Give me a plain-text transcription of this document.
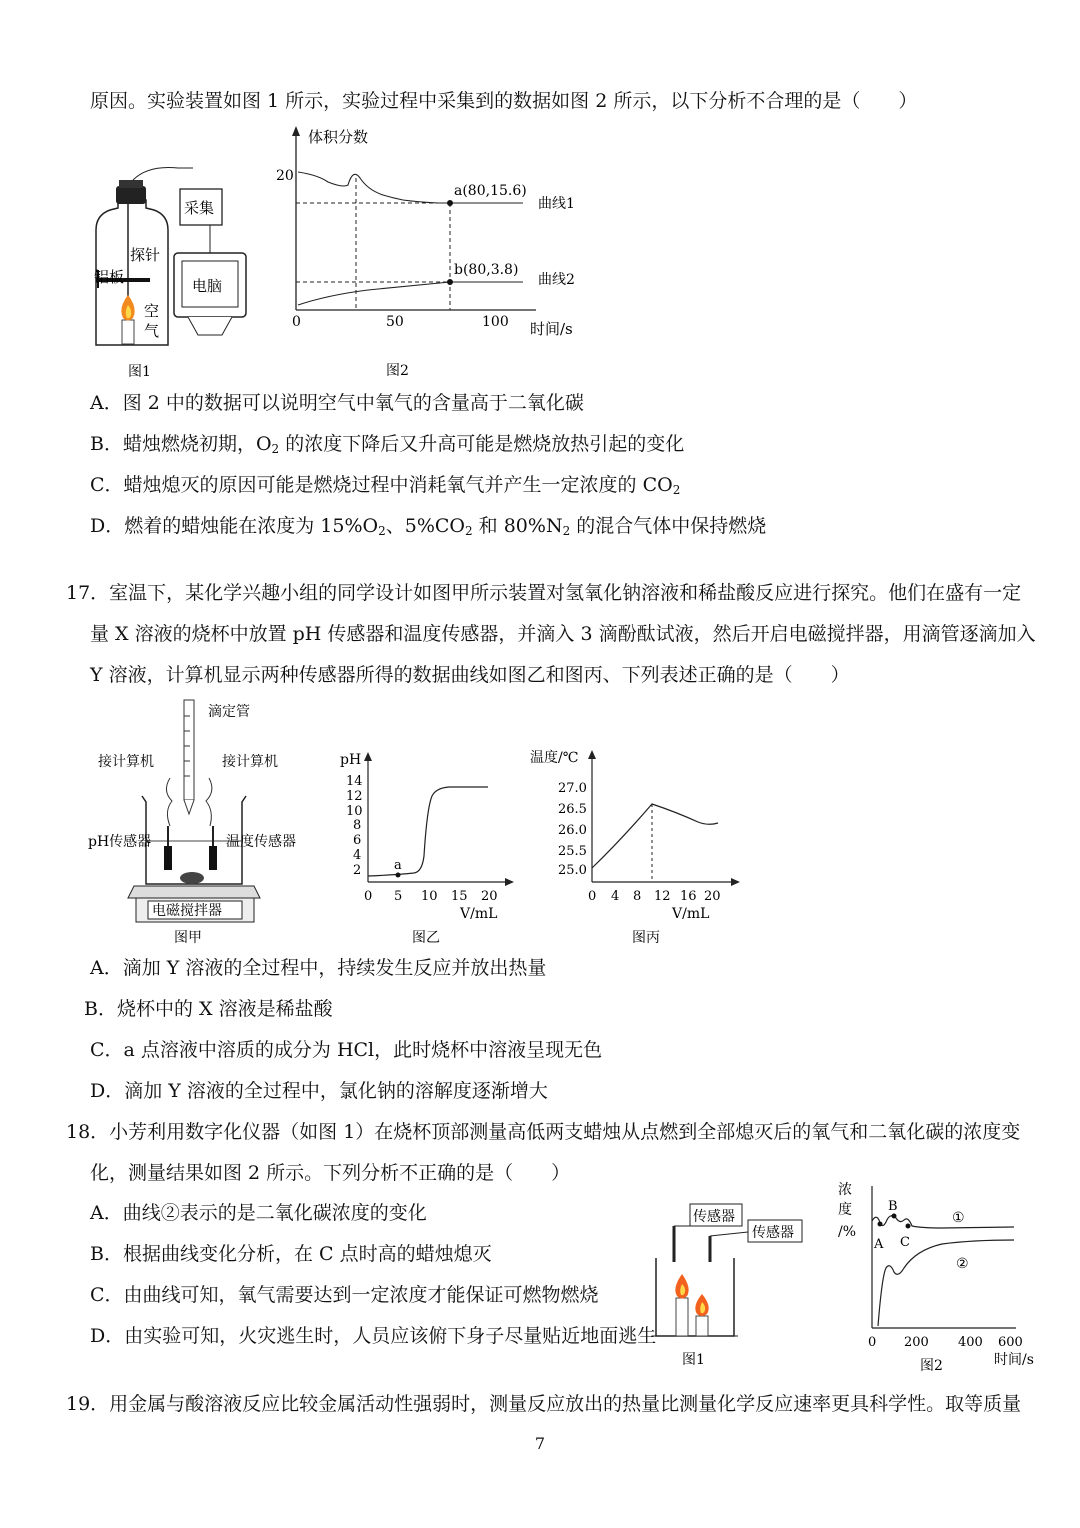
原因。实验装置如图 1 所示，实验过程中采集到的数据如图 2 所示，以下分析不合理的是（　　）
探针
铝板
空
气
图1
采集
电脑
体积分数
20
0	50	100 时间/s
a(80,15.6)
b(80,3.8)
曲线1
曲线2
图2
A．图 2 中的数据可以说明空气中氧气的含量高于二氧化碳
B．蜡烛燃烧初期，$O_2$ 的浓度下降后又升高可能是燃烧放热引起的变化
C．蜡烛熄灭的原因可能是燃烧过程中消耗氧气并产生一定浓度的 $CO_2$
D．燃着的蜡烛能在浓度为 $15\%O_2$、$5\%CO_2$ 和 $80\%N_2$ 的混合气体中保持燃烧
17．室温下，某化学兴趣小组的同学设计如图甲所示装置对氢氧化钠溶液和稀盐酸反应进行探究。他们在盛有一定
量 X 溶液的烧杯中放置 pH 传感器和温度传感器，并滴入 3 滴酚酞试液，然后开启电磁搅拌器，用滴管逐滴加入
Y 溶液，计算机显示两种传感器所得的数据曲线如图乙和图丙、下列表述正确的是（　　）
滴定管
接计算机	接计算机
pH传感器	温度传感器
电磁搅拌器
图甲
pH
14
12
10
8
6
4
2
0 5 10 15 20
V/mL
a
图乙
温度/℃
27.0
26.5
26.0
25.5
25.0
0 4 8 12 16 20
V/mL
图丙
A．滴加 Y 溶液的全过程中，持续发生反应并放出热量
B．烧杯中的 X 溶液是稀盐酸
C．a 点溶液中溶质的成分为 HCl，此时烧杯中溶液呈现无色
D．滴加 Y 溶液的全过程中，氯化钠的溶解度逐渐增大
18．小芳利用数字化仪器（如图 1）在烧杯顶部测量高低两支蜡烛从点燃到全部熄灭后的氧气和二氧化碳的浓度变
化，测量结果如图 2 所示。下列分析不正确的是（　　）
A．曲线②表示的是二氧化碳浓度的变化
B．根据曲线变化分析，在 C 点时高的蜡烛熄灭
C．由曲线可知，氧气需要达到一定浓度才能保证可燃物燃烧
D．由实验可知，火灾逃生时，人员应该俯下身子尽量贴近地面逃生
传感器
传感器
图1
浓
度
/%
A
B
C
①
②
0 200 400 600
时间/s
图2
19．用金属与酸溶液反应比较金属活动性强弱时，测量反应放出的热量比测量化学反应速率更具科学性。取等质量
7
